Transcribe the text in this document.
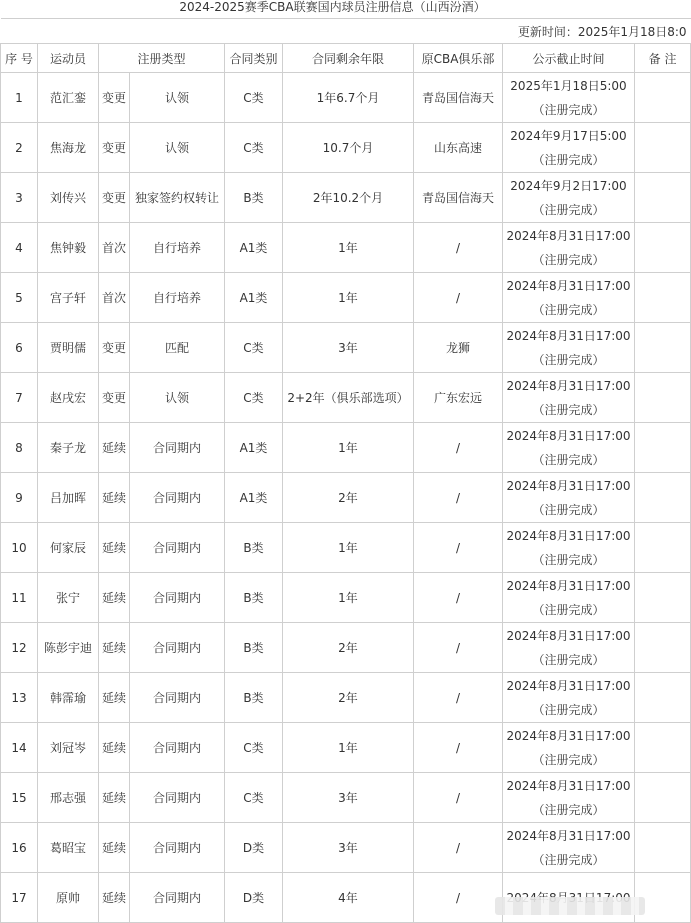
2024-2025赛季CBA联赛国内球员注册信息（山西汾酒）
更新时间：2025年1月18日8:0								
序 号	运动员	注册类型		合同类别	合同剩余年限	原CBA俱乐部	公示截止时间	备 注
1	范汇銮	变更	认领	C类	1年6.7个月	青岛国信海天	2025年1月18日5:00
（注册完成）	

2	焦海龙	变更	认领	C类	10.7个月	山东高速	2024年9月17日5:00
（注册完成）	

3	刘传兴	变更	独家签约权转让	B类	2年10.2个月	青岛国信海天	2024年9月2日17:00
（注册完成）	

4	焦钟毅	首次	自行培养	A1类	1年	/	2024年8月31日17:00
（注册完成）	

5	宫子轩	首次	自行培养	A1类	1年	/	2024年8月31日17:00
（注册完成）	

6	贾明儒	变更	匹配	C类	3年	龙狮	2024年8月31日17:00
（注册完成）	

7	赵戌宏	变更	认领	C类	2+2年（俱乐部选项）	广东宏远	2024年8月31日17:00
（注册完成）	

8	秦子龙	延续	合同期内	A1类	1年	/	2024年8月31日17:00
（注册完成）	

9	吕加晖	延续	合同期内	A1类	2年	/	2024年8月31日17:00
（注册完成）	

10	何家辰	延续	合同期内	B类	1年	/	2024年8月31日17:00
（注册完成）	

11	张宁	延续	合同期内	B类	1年	/	2024年8月31日17:00
（注册完成）	

12	陈彭宇迪	延续	合同期内	B类	2年	/	2024年8月31日17:00
（注册完成）	

13	韩霈瑜	延续	合同期内	B类	2年	/	2024年8月31日17:00
（注册完成）	

14	刘冠岑	延续	合同期内	C类	1年	/	2024年8月31日17:00
（注册完成）	

15	邢志强	延续	合同期内	C类	3年	/	2024年8月31日17:00
（注册完成）	

16	葛昭宝	延续	合同期内	D类	3年	/	2024年8月31日17:00
（注册完成）	

17	原帅	延续	合同期内	D类	4年	/	
